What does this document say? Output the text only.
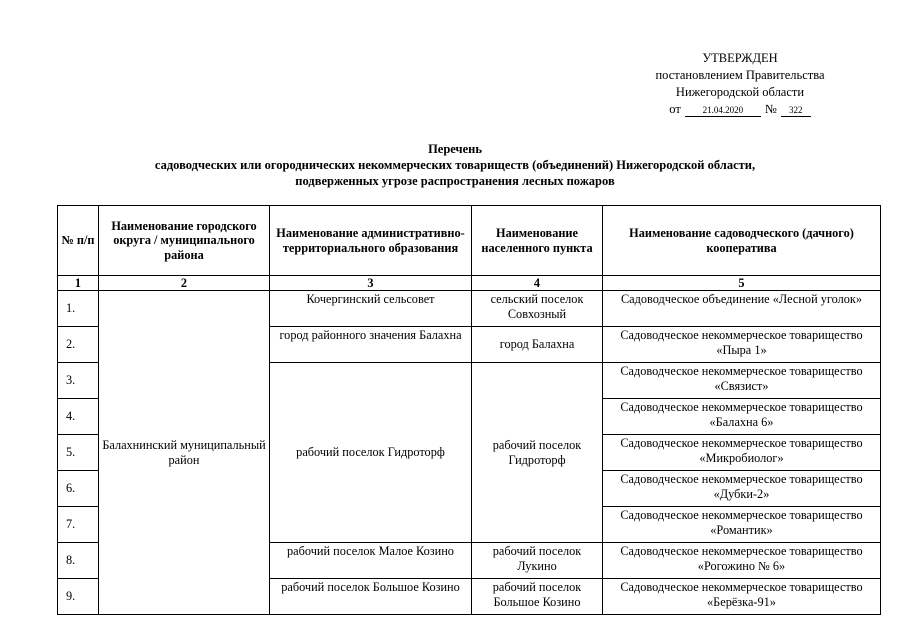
УТВЕРЖДЕН
постановлением Правительства
Нижегородской области
от 21.04.2020 № 322
Перечень
садоводческих или огороднических некоммерческих товариществ (объединений) Нижегородской области,
подверженных угрозе распространения лесных пожаров
№ п/п	Наименование городского округа / муниципального района	Наименование административно-территориального образования	Наименование населенного пункта	Наименование садоводческого (дачного) кооператива
1	2	3	4	5
1.	Балахнинский муниципальный район	Кочергинский сельсовет	сельский поселок Совхозный	Садоводческое объединение «Лесной уголок»
2.		город районного значения Балахна	город Балахна	Садоводческое некоммерческое товарищество «Пыра 1»
3.		рабочий поселок Гидроторф	рабочий поселок Гидроторф	Садоводческое некоммерческое товарищество «Связист»
4.				Садоводческое некоммерческое товарищество «Балахна 6»
5.				Садоводческое некоммерческое товарищество «Микробиолог»
6.				Садоводческое некоммерческое товарищество «Дубки-2»
7.				Садоводческое некоммерческое товарищество «Романтик»
8.		рабочий поселок Малое Козино	рабочий поселок Лукино	Садоводческое некоммерческое товарищество «Рогожино № 6»
9.		рабочий поселок Большое Козино	рабочий поселок Большое Козино	Садоводческое некоммерческое товарищество «Берёзка-91»
